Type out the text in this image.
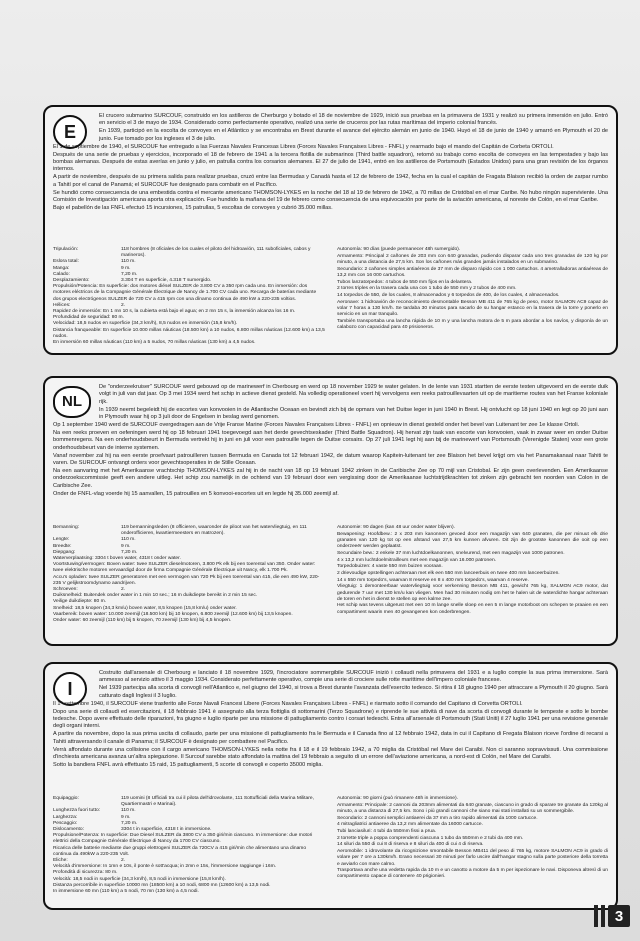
E
El crucero submarino SURCOUF, construido en los astilleros de Cherburgo y botado el 18 de noviembre de 1929, inició sus pruebas en la primavera de 1931 y realizó su primera inmersión en julio. Entró en servicio el 3 de mayo de 1934. Considerado como perfectamente operativo, realizó una serie de cruceros por las rutas marítimas del imperio colonial francés.
En 1939, participó en la escolta de convoyes en el Atlántico y se encontraba en Brest durante el avance del ejército alemán en junio de 1940. Huyó el 18 de junio de 1940 y amarró en Plymouth el 20 de junio. Fue tomado por los ingleses el 3 de julio.
El 1 de septiembre de 1940, el SURCOUF fue entregado a las Fuerzas Navales Francesas Libres (Forces Navales Françaises Libres - FNFL) y rearmado bajo el mando del Capitán de Corbeta ORTOLI.
Después de una serie de pruebas y ejercicios, incorporado el 18 de febrero de 1941 a la tercera flotilla de submarinos (Third battle squadron), retomó su trabajo como escolta de convoyes en las tempestades y bajo las bombas alemanas. Después de estas averías en junio y julio, en patrulla contra los corsarios alemanes. El 27 de julio de 1941, entró en los astilleros de Portsmouth (Estados Unidos) para una gran revisión de los órganos internos.
A partir de noviembre, después de su primera salida para realizar pruebas, cruzó entre las Bermudas y Canadá hasta el 12 de febrero de 1942, fecha en la cual el capitán de Fragata Blaison recibió la orden de zarpar rumbo a Tahití por el canal de Panamá; el SURCOUF fue designado para combatir en el Pacífico.
Se hundió como consecuencia de una embestida contra el mercante americano THOMSON-LYKES en la noche del 18 al 19 de febrero de 1942, a 70 millas de Cristóbal en el mar Caribe. No hubo ningún superviviente. Una Comisión de Investigación americana aporta otra explicación. Fue hundido la mañana del 19 de febrero como consecuencia de una equivocación por parte de la aviación americana, al noreste de Colón, en el mar Caribe.
Bajo el pabellón de las FNFL efectuó 15 incursiones, 15 patrullas, 5 escoltas de convoyes y cubrió 35.000 millas.
Tripulación:	118 hombres (8 oficiales de los cuales el piloto del hidroavión, 111 suboficiales, cabos y marineros).
Eslora total:	110 m.
Manga:	9 m.
Calado:	7,20 m.
Desplazamiento:	3.304 T en superficie, 4.318 T sumergido.
Propulsión/Potencia: En superficie: dos motores diésel SULZER de 3.800 CV a 350 rpm cada uno. En inmersión: dos motores eléctricos de la Compagnie Générale Électrique de Nancy de 1.700 CV cada uno. Recarga de baterías mediante dos grupos electrógenos SULZER de 720 CV a 415 rpm con una dínamo continua de 490 kW a 220-235 voltios.
Hélices:	2.
Rapidez de inmersión: En 1 mn 10 s, la cubierta está bajo el agua; en 2 mn 15 s, la inmersión alcanza los 16 m.
Profundidad de seguridad: 80 m.
Velocidad: 18,5 nudos en superficie (34,3 km/h), 8,5 nudos en inmersión (15,8 km/h).
Distancia franqueable: En superficie 10.000 millas náuticas (18.500 km) a 10 nudos, 6.800 millas náuticas (12.600 km) a 13,5 nudos.
En inmersión 60 millas náuticas (110 km) a 5 nudos, 70 millas náuticas (130 km) a 4,5 nudos.
Autonomía: 90 días (puede permanecer 48h sumergido).
Armamento: Principal 2 cañones de 203 mm con 640 granadas, pudiendo disparar cada uno tres granadas de 120 kg por minuto, a una distancia de 27,5 km. Son los cañones más grandes jamás instalados en un submarino.
Secundario: 2 cañones simples antiaéreos de 37 mm de disparo rápido con 1 000 cartuchos. 4 ametralladoras antiaéreas de 13,2 mm con 16 000 cartuchos.
Tubos lanzatorpedos: 4 tubos de 550 mm fijos en la delantera.
2 torres triples en la trasera cada una con 1 tubo de 550 mm y 2 tubos de 400 mm.
14 torpedos de 550, de los cuales, 8 almacenados y 6 torpedos de 400, de los cuales, 4 almacenados.
Aeronave: 1 hidroavión de reconocimiento desmontable Besson MB 411 de 765 kg de peso, motor SALMON AC9 capaz de volar 7 horas a 130 km/h. Se tardaba 30 minutos para sacarlo de su hangar estanco en la trasera de la torre y ponerlo en servicio en un mar tranquilo.
También transportaba una lancha rápida de 10 m y una lancha motora de 5 m para abordar a los navíos, y disponía de un calabozo con capacidad para 40 prisioneros.
NL
De "onderzeekruiser" SURCOUF werd gebouwd op de marinewerf in Cherbourg en werd op 18 november 1929 te water gelaten. In de lente van 1931 startten de eerste testen uitgevoerd en de eerste duik volgt in juli van dat jaar. Op 3 mei 1934 werd het schip in actieve dienst gesteld. Na volledig operationeel voert hij vervolgens een reeks patrouillevaarten uit op de maritieme routes van het Franse koloniale rijk.
In 1939 neemt begeleidt hij de escortes van konvooien in de Atlantische Oceaan en bevindt zich bij de opmars van het Duitse leger in juni 1940 in Brest. Hij ontvlucht op 18 juni 1940 en legt op 20 juni aan in Plymouth waar hij op 3 juli door de Engelsen in beslag werd genomen.
Op 1 september 1940 werd de SURCOUF overgedragen aan de Vrije Franse Marine (Forces Navales Françaises Libres - FNFL) en opnieuw in dienst gesteld onder het bevel van Luitenant ter zee 1e klasse Ortoli.
Na een reeks proeven en oefeningen werd hij op 18 februari 1941 toegevoegd aan het derde gevechtseskader (Third Battle Squadron). Hij hervat zijn taak van escorte van konvooien, vaak in zwaar weer en onder Duitse bommenregens. Na een onderhoudsbeurt in Bermuda vertrekt hij in juni en juli voor een patrouille tegen de Duitse corsairs. Op 27 juli 1941 legt hij aan bij de marinewerf van Portsmouth (Verenigde Staten) voor een grote onderhoudsbeurt van de interne systemen.
Vanaf november zal hij na een eerste proefvaart patrouilleren tussen Bermuda en Canada tot 12 februari 1942, de datum waarop Kapitein-luitenant ter zee Blaison het bevel krijgt om via het Panamakanaal naar Tahiti te varen. De SURCOUF ontvangt orders voor gevechtsoperaties in de Stille Oceaan.
Na een aanvaring met het Amerikaanse vrachtschip THOMSON-LYKES zal hij in de nacht van 18 op 19 februari 1942 zinken in de Caribische Zee op 70 mijl van Cristobal. Er zijn geen overlevenden. Een Amerikaanse onderzoekscommissie geeft een andere uitleg. Het schip zou namelijk in de ochtend van 19 februari door een vergissing door de Amerikaanse luchtstrijdkrachten tot zinken zijn gebracht ten noorden van Colon in de Caribische Zee.
Onder de FNFL-vlag voerde hij 15 aanvallen, 15 patrouilles en 5 konvooi-escortes uit en legde hij 35.000 zeemijl af.
Bemanning:	119 bemanningsleden (8 officieren, waaronder de piloot van het watervliegtuig, en 111 onderofficieren, kwartiermeesters en matrozen).
Lengte:	110 m.
Breedte:	9 m.
Diepgang:	7,20 m.
Waterverplaatsing: 3304 t boven water, 4318 t onder water.
Voortstuwing/vermogen: Boven water: twee SULZER dieselmotoren, 3.800 Pk elk bij een toerental van 350. Onder water: twee elektrische motoren vervaardigd door de firma Compagnie Générale Électrique uit Nancy, elk 1.700 Pk.
Accu's opladen: twee SULZER generatoren met een vermogen van 720 Pk bij een toerental van 415, die een 490 kW, 220-235 V gelijkstroomdynamo aandrijven.
Schroeven:	2.
Duiksnelheid: Buitendek onder water in 1 min 10 sec.; 16 m duikdiepte bereikt in 2 min 15 sec.
Veilige duikdiepte: 80 m.
Snelheid: 18,5 knopen (34,3 km/u) boven water, 8,5 knopen (15,8 km/u) onder water.
Vaarbereik: boven water: 10.000 zeemijl (18.500 km) bij 10 knopen, 6.800 zeemijl (12.600 km) bij 13,5 knopen.
Onder water: 60 zeemijl (110 km) bij 5 knopen, 70 zeemijl (130 km) bij 4,5 knopen.
Autonomie: 90 dagen (kan 48 uur onder water blijven).
Bewapening: Hoofdbew.: 2 x 203 mm kanonnen gevoed door een magazijn van 640 granaten, die per minuut elk drie granaten van 120 kg tot op een afstand van 27,5 km kunnen afvuren. Dit zijn de grootste kanonnen die ooit op een onderzeeër werden geplaatst.
Secundaire bew.: 2 enkele 37 mm luchtdoelkanonnen, snelvurend, met een magazijn van 1000 patronen.
4 x 13,2 mm luchtdoelmitrailleurs met een magazijn van 16.000 patronen.
Torpedobuizen: 4 vaste 550 mm buizen vooraan.
2 drievoudige opstellingen achteraan met elk een 550 mm lanceerbuis en twee 400 mm lanceerbuizen.
14 x 550 mm torpedo's, waarvan 8 reserve en 8 x 400 mm torpedo's, waarvan 4 reserve.
Vliegtuig: 1 demonteerbaar watervliegtuig voor verkenning Besson MB 411, gewicht 765 kg, SALMON AC9 motor, dat gedurende 7 uur met 130 km/u kan vliegen. Men had 30 minuten nodig om het te halen uit de waterdichte hangar achteraan de toren en het in dienst te stellen op een kalme zee.
Het schip was tevens uitgerust met een 10 m lange snelle sloep en een 5 m lange motorboot om schepen te praaien en een compartiment waarin men 40 gevangenen kon onderbrengen.
I
Costruito dall'arsenale di Cherbourg e lanciato il 18 novembre 1929, l'incrociatore sommergibile SURCOUF iniziò i collaudi nella primavera del 1931 e a luglio compie la sua prima immersione. Sarà ammesso al servizio attivo il 3 maggio 1934. Considerato perfettamente operativo, compie una serie di crociere sulle rotte marittime dell'impero coloniale francese.
Nel 1939 partecipa alla scorta di convogli nell'Atlantico e, nel giugno del 1940, si trova a Brest durante l'avanzata dell'esercito tedesco. Si ritira il 18 giugno 1940 per attraccare a Plymouth il 20 giugno. Sarà catturato dagli Inglesi il 3 luglio.
Il 1° settembre 1940, il SURCOUF viene trasferito alle Forze Navali Francesi Libere (Forces Navales Françaises Libres - FNFL) e riarmato sotto il comando del Capitano di Corvetta ORTOLI.
Dopo una serie di collaudi ed esercitazioni, il 18 febbraio 1941 è assegnato alla terza flottiglia di sottomarini (Terzo Squadrone) e riprende le sue attività di nave da scorta di convogli durante le tempeste e sotto le bombe tedesche. Dopo avere effettuato delle riparazioni, fra giugno e luglio riparte per una missione di pattugliamento contro i corsari tedeschi. Entra all'arsenale di Portsmouth (Stati Uniti) il 27 luglio 1941 per una revisione generale degli organi interni.
A partire da novembre, dopo la sua prima uscita di collaudo, parte per una missione di pattugliamento fra le Bermuda e il Canada fino al 12 febbraio 1942, data in cui il Capitano di Fregata Blaison riceve l'ordine di recarsi a Tahiti attraversando il canale di Panama; il SURCOUF è designato per combattere nel Pacifico.
Verrà affondato durante una collisione con il cargo americano THOMSON-LYKES nella notte fra il 18 e il 19 febbraio 1942, a 70 miglia da Cristóbal nel Mare dei Caraibi. Non ci saranno sopravvissuti. Una commissione d'inchiesta americana avanza un'altra spiegazione. Il Surcouf sarebbe stato affondato la mattina del 19 febbraio a seguito di un errore dell'aviazione americana, a nord-est di Colón, nel Mare dei Caraibi.
Sotto la bandiera FNFL avrà effettuato 15 raid, 15 pattugliamenti, 5 scorte di convogli e coperto 35000 miglia.
Equipaggio:	119 uomini (8 Ufficiali tra cui il pilota dell'idrovolante, 111 Sottufficiali della Marina Militare, Quartiermastri e Marinai).
Lunghezza fuori tutto:	110 m.
Larghezza:	9 m.
Pescaggio:	7,20 m.
Dislocamento:	3304 t in superficie, 4318 t in immersione.
Propulsione/Potenza: In superficie: Due Diesel SULZER da 3800 CV a 350 giri/min ciascuno. In immersione: due motori elettrici della Compagnie Générale Électrique di Nancy da 1700 CV ciascuno.
Ricarica delle batterie mediante due gruppi elettrogeni SULZER da 720CV a 415 giri/min che alimentano una dinamo continua da 490kW a 220-235 Volt.
Eliche:	2.
Velocità d'immersione: In 1mn e 10s, il ponte è sott'acqua; in 2mn e 15s, l'immersione raggiunge i 16m.
Profondità di sicurezza: 80 m.
Velocità: 18,5 nodi in superficie (34,3 km/h), 8,5 nodi in immersione (15,8 km/h).
Distanza percorribile in superficie 10000 mn (18500 km) a 10 nodi, 6800 mn (12600 km) a 13,5 nodi.
In immersione 60 mn (110 km) a 5 nodi, 70 mn (130 km) a 4,5 nodi.
Autonomia: 90 giorni (può rimanere 48h in immersione).
Armamento: Principale: 2 cannoni da 203mm alimentati da 640 granate, ciascuno in grado di sparare tre granate da 120kg al minuto, a una distanza di 27,5 km. Sono i più grandi cannoni che siano mai stati installati su un sommergibile.
Secondario: 2 cannoni semplici antiaerei da 37 mm a tiro rapido alimentati da 1000 cartucce.
4 mitragliatrici antiaeree da 13,2 mm alimentate da 16000 cartucce.
Tubi lanciasiluri: 4 tubi da 550mm fissi a prua.
2 torrette triple a poppa comprendenti ciascuna 1 tubo da 550mm e 2 tubi da 400 mm.
14 siluri da 550 di cui 8 di riserva e 8 siluri da 400 di cui 4 di riserva.
Aeromobile: 1 idrovolante da ricognizione smontabile Besson MB411 del peso di 765 kg, motore SALMON AC9 in grado di volare per 7 ore a 130km/h. Erano necessari 30 minuti per farlo uscire dall'hangar stagno sulla parte posteriore della torretta e avviarlo con mare calmo.
Trasportava anche una vedetta rapida da 10 m e un canotto a motore da 5 m per ispezionare le navi. Disponeva altresì di un compartimento capace di contenere 40 prigionieri.
3
